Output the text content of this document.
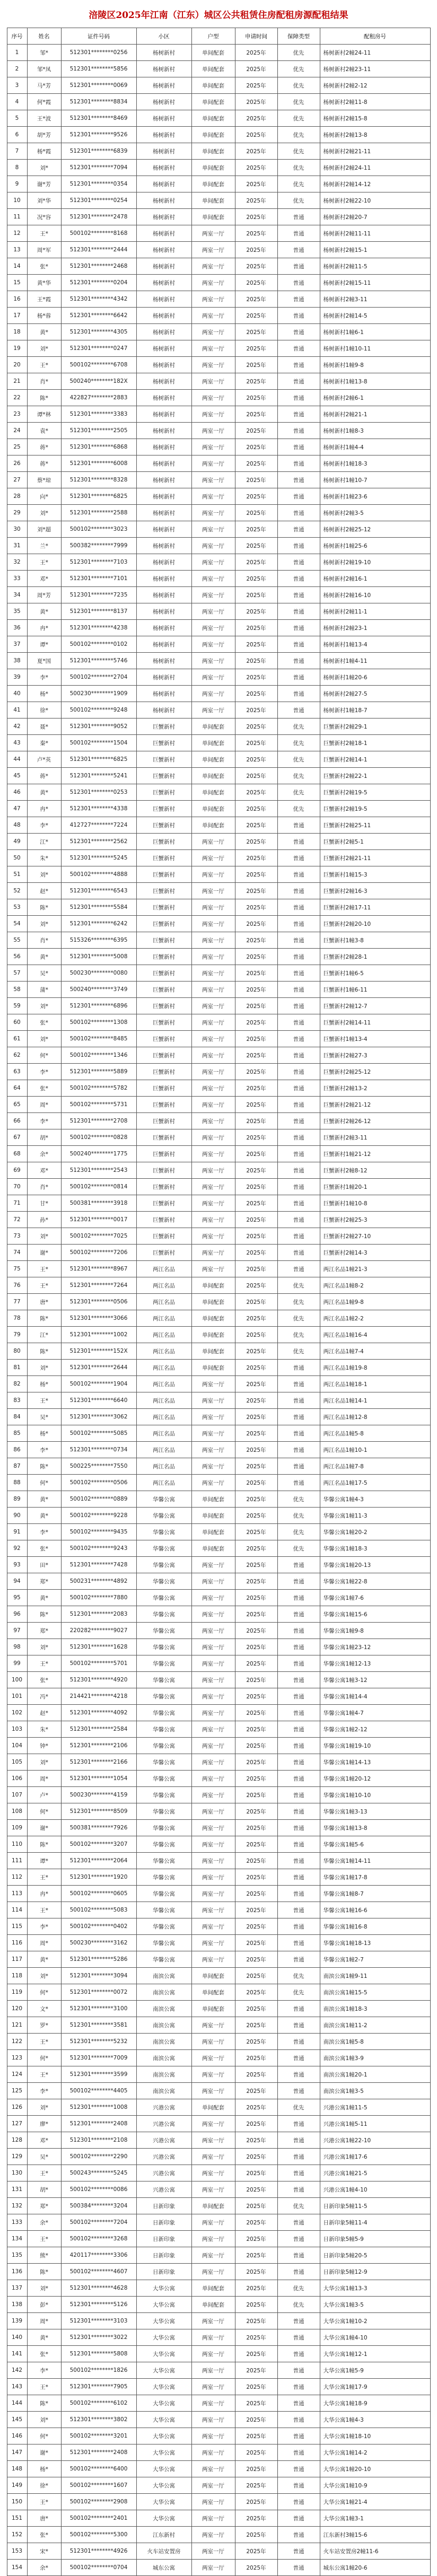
涪陵区2025年江南（江东）城区公共租赁住房配租房源配租结果
序号	姓名	证件号码	小区	户型	申请时间	保障类型	配租房号
1	邹*	512301********0256	杨树新村	单间配套	2025年	优先	杨树新村2幢24-11
2	邹*凤	512301********5856	杨树新村	单间配套	2025年	优先	杨树新村2幢23-11
3	马*芳	512301********0069	杨树新村	单间配套	2025年	优先	杨树新村2幢2-12
4	何*霞	512301********8834	杨树新村	单间配套	2025年	优先	杨树新村2幢11-8
5	王*波	512301********8469	杨树新村	单间配套	2025年	优先	杨树新村2幢15-8
6	胡*芳	512301********9526	杨树新村	单间配套	2025年	优先	杨树新村2幢13-8
7	杨*霞	512301********6839	杨树新村	单间配套	2025年	优先	杨树新村2幢21-11
8	刘*	512301********7094	杨树新村	单间配套	2025年	优先	杨树新村2幢24-11
9	谢*芳	512301********0354	杨树新村	单间配套	2025年	优先	杨树新村2幢14-12
10	刘*华	512301********0254	杨树新村	单间配套	2025年	优先	杨树新村2幢22-10
11	况*容	512301********2478	杨树新村	单间配套	2025年	普通	杨树新村2幢20-7
12	王*	500102********8168	杨树新村	两室一厅	2025年	普通	杨树新村2幢11-11
13	周*军	512301********2444	杨树新村	两室一厅	2025年	普通	杨树新村2幢15-1
14	张*	512301********2468	杨树新村	两室一厅	2025年	普通	杨树新村2幢11-5
15	黄*华	512301********0204	杨树新村	两室一厅	2025年	普通	杨树新村2幢15-11
16	王*霞	512301********4342	杨树新村	两室一厅	2025年	普通	杨树新村2幢3-11
17	杨*蓉	512301********6642	杨树新村	两室一厅	2025年	普通	杨树新村2幢14-5
18	黄*	512301********4305	杨树新村	两室一厅	2025年	普通	杨树新村1幢6-1
19	刘*	512301********0247	杨树新村	两室一厅	2025年	普通	杨树新村1幢10-11
20	王*	500102********6708	杨树新村	两室一厅	2025年	普通	杨树新村1幢9-8
21	肖*	500240********182X	杨树新村	两室一厅	2025年	普通	杨树新村1幢13-8
22	陈*	422827********2883	杨树新村	两室一厅	2025年	普通	杨树新村2幢6-1
23	谭*林	512301********3383	杨树新村	两室一厅	2025年	普通	杨树新村2幢21-1
24	袁*	512301********2505	杨树新村	两室一厅	2025年	普通	杨树新村1幢8-3
25	蒋*	512301********6868	杨树新村	两室一厅	2025年	普通	杨树新村1幢4-4
26	蒋*	512301********6008	杨树新村	两室一厅	2025年	普通	杨树新村1幢18-3
27	蔡*琼	512301********8328	杨树新村	两室一厅	2025年	普通	杨树新村1幢10-7
28	向*	512301********6825	杨树新村	两室一厅	2025年	普通	杨树新村1幢23-6
29	刘*	512301********2588	杨树新村	两室一厅	2025年	普通	杨树新村2幢3-5
30	刘*超	500102********3023	杨树新村	两室一厅	2025年	普通	杨树新村2幢25-12
31	兰*	500382********7999	杨树新村	两室一厅	2025年	普通	杨树新村1幢25-6
32	王*	512301********7103	杨树新村	两室一厅	2025年	普通	杨树新村2幢19-10
33	邓*	512301********7101	杨树新村	两室一厅	2025年	普通	杨树新村2幢16-1
34	周*芳	512301********7235	杨树新村	两室一厅	2025年	普通	杨树新村2幢16-10
35	黄*	512301********8137	杨树新村	两室一厅	2025年	普通	杨树新村2幢11-1
36	冉*	512301********4238	杨树新村	两室一厅	2025年	普通	杨树新村2幢23-1
37	谭*	500102********0102	杨树新村	两室一厅	2025年	普通	杨树新村1幢13-4
38	夏*国	512301********5746	杨树新村	两室一厅	2025年	普通	杨树新村1幢4-11
39	李*	500102********2704	杨树新村	两室一厅	2025年	普通	杨树新村1幢20-6
40	杨*	500230********1909	杨树新村	两室一厅	2025年	普通	杨树新村2幢27-5
41	徐*	500102********9248	杨树新村	两室一厅	2025年	普通	杨树新村1幢18-7
42	聂*	512301********9052	巨蟹新村	单间配套	2025年	优先	巨蟹新村2幢29-1
43	秦*	500102********1504	巨蟹新村	单间配套	2025年	优先	巨蟹新村2幢18-1
44	卢*英	512301********6825	巨蟹新村	单间配套	2025年	优先	巨蟹新村2幢14-1
45	蒋*	512301********5241	巨蟹新村	单间配套	2025年	优先	巨蟹新村2幢22-1
46	黄*	512301********0253	巨蟹新村	单间配套	2025年	优先	巨蟹新村2幢19-5
47	冉*	512301********4338	巨蟹新村	单间配套	2025年	优先	巨蟹新村2幢19-5
48	李*	412727********7224	巨蟹新村	单间配套	2025年	普通	巨蟹新村2幢25-11
49	江*	512301********2562	巨蟹新村	两室一厅	2025年	普通	巨蟹新村2幢5-1
50	朱*	512301********5245	巨蟹新村	两室一厅	2025年	普通	巨蟹新村2幢21-11
51	刘*	500102********4888	巨蟹新村	两室一厅	2025年	普通	巨蟹新村1幢15-3
52	赵*	512301********6543	巨蟹新村	两室一厅	2025年	普通	巨蟹新村2幢16-3
53	陈*	512301********5584	巨蟹新村	两室一厅	2025年	普通	巨蟹新村2幢17-11
54	刘*	512301********6242	巨蟹新村	两室一厅	2025年	普通	巨蟹新村2幢20-10
55	肖*	515326********6395	巨蟹新村	两室一厅	2025年	普通	巨蟹新村1幢3-8
56	黄*	512301********5008	巨蟹新村	两室一厅	2025年	普通	巨蟹新村2幢28-1
57	吴*	500230********0080	巨蟹新村	两室一厅	2025年	普通	巨蟹新村1幢6-5
58	蒲*	500240********3749	巨蟹新村	两室一厅	2025年	普通	巨蟹新村1幢6-11
59	刘*	512301********6896	巨蟹新村	两室一厅	2025年	普通	巨蟹新村2幢12-7
60	张*	500102********1308	巨蟹新村	两室一厅	2025年	普通	巨蟹新村2幢14-11
61	刘*	500102********8485	巨蟹新村	两室一厅	2025年	普通	巨蟹新村1幢13-4
62	何*	500102********1346	巨蟹新村	两室一厅	2025年	普通	巨蟹新村2幢27-3
63	李*	512301********5889	巨蟹新村	两室一厅	2025年	普通	巨蟹新村2幢25-12
64	张*	500102********5782	巨蟹新村	两室一厅	2025年	普通	巨蟹新村2幢13-2
65	周*	500102********5731	巨蟹新村	两室一厅	2025年	普通	巨蟹新村2幢21-12
66	李*	512301********2708	巨蟹新村	两室一厅	2025年	普通	巨蟹新村2幢26-12
67	胡*	500102********0828	巨蟹新村	两室一厅	2025年	普通	巨蟹新村2幢3-11
68	余*	500240********1775	巨蟹新村	两室一厅	2025年	普通	巨蟹新村1幢21-12
69	邓*	512301********2543	巨蟹新村	两室一厅	2025年	普通	巨蟹新村2幢8-12
70	肖*	500102********0814	巨蟹新村	两室一厅	2025年	普通	巨蟹新村1幢20-1
71	甘*	500381********3918	巨蟹新村	两室一厅	2025年	普通	巨蟹新村1幢10-8
72	孙*	512301********0017	巨蟹新村	两室一厅	2025年	普通	巨蟹新村2幢25-3
73	刘*	500102********7025	巨蟹新村	两室一厅	2025年	普通	巨蟹新村2幢27-10
74	谢*	500102********7206	巨蟹新村	两室一厅	2025年	普通	巨蟹新村2幢14-3
75	王*	512301********8967	两江名品	两室一厅	2025年	普通	两江名品1幢21-3
76	王*	512301********7264	两江名品	单间配套	2025年	优先	两江名品1幢8-2
77	唐*	512301********0506	两江名品	单间配套	2025年	优先	两江名品1幢9-8
78	陈*	512301********3066	两江名品	单间配套	2025年	优先	两江名品1幢2-2
79	江*	512301********1002	两江名品	单间配套	2025年	优先	两江名品1幢16-4
80	陈*	512301********152X	两江名品	单间配套	2025年	优先	两江名品1幢7-4
81	刘*	512301********2644	两江名品	单间配套	2025年	普通	两江名品1幢19-8
82	杨*	500102********1904	两江名品	两室一厅	2025年	普通	两江名品1幢18-1
83	王*	512301********6640	两江名品	两室一厅	2025年	普通	两江名品1幢14-1
84	吴*	512301********3062	两江名品	两室一厅	2025年	普通	两江名品1幢12-8
85	杨*	500102********5085	两江名品	两室一厅	2025年	普通	两江名品1幢5-8
86	李*	512301********0734	两江名品	两室一厅	2025年	普通	两江名品1幢10-1
87	陈*	500225********7550	两江名品	两室一厅	2025年	普通	两江名品1幢7-8
88	何*	500102********0506	两江名品	两室一厅	2025年	普通	两江名品1幢17-5
89	黄*	500102********0889	华馨公寓	单间配套	2025年	优先	华馨公寓1幢4-3
90	黄*	500102********9228	华馨公寓	单间配套	2025年	优先	华馨公寓1幢11-3
91	李*	500102********9435	华馨公寓	单间配套	2025年	优先	华馨公寓1幢20-2
92	张*	500102********9243	华馨公寓	单间配套	2025年	优先	华馨公寓1幢18-3
93	田*	512301********7428	华馨公寓	两室一厅	2025年	普通	华馨公寓1幢20-13
94	郑*	500231********4892	华馨公寓	两室一厅	2025年	普通	华馨公寓1幢22-8
95	黄*	500102********7880	华馨公寓	两室一厅	2025年	普通	华馨公寓1幢7-6
96	陈*	512301********2083	华馨公寓	两室一厅	2025年	普通	华馨公寓1幢15-6
97	郑*	220282********9027	华馨公寓	两室一厅	2025年	普通	华馨公寓1幢9-8
98	刘*	512301********1628	华馨公寓	两室一厅	2025年	普通	华馨公寓1幢23-12
99	王*	500102********5701	华馨公寓	两室一厅	2025年	普通	华馨公寓1幢12-13
100	张*	512301********4920	华馨公寓	两室一厅	2025年	普通	华馨公寓1幢3-12
101	冯*	214421********4218	华馨公寓	两室一厅	2025年	普通	华馨公寓1幢14-4
102	赵*	512301********4092	华馨公寓	两室一厅	2025年	普通	华馨公寓1幢4-7
103	朱*	512301********2584	华馨公寓	两室一厅	2025年	普通	华馨公寓1幢2-12
104	钟*	512301********2106	华馨公寓	两室一厅	2025年	普通	华馨公寓1幢19-10
105	刘*	512301********2166	华馨公寓	两室一厅	2025年	普通	华馨公寓1幢14-13
106	周*	512301********1054	华馨公寓	两室一厅	2025年	普通	华馨公寓1幢20-12
107	卢*	500230********4159	华馨公寓	两室一厅	2025年	普通	华馨公寓1幢10-10
108	何*	512301********8509	华馨公寓	两室一厅	2025年	普通	华馨公寓1幢3-13
109	谢*	500381********7926	华馨公寓	两室一厅	2025年	普通	华馨公寓1幢13-8
110	陈*	500102********3207	华馨公寓	两室一厅	2025年	普通	华馨公寓1幢5-6
111	谭*	512301********2064	华馨公寓	两室一厅	2025年	普通	华馨公寓1幢14-11
112	王*	512301********1920	华馨公寓	两室一厅	2025年	普通	华馨公寓1幢17-8
113	冉*	500102********0605	华馨公寓	两室一厅	2025年	普通	华馨公寓1幢8-7
114	王*	500102********5083	华馨公寓	两室一厅	2025年	普通	华馨公寓1幢16-6
115	李*	500102********0402	华馨公寓	两室一厅	2025年	普通	华馨公寓1幢16-8
116	周*	500230********3162	华馨公寓	两室一厅	2025年	普通	华馨公寓1幢18-13
117	黄*	512301********5286	华馨公寓	两室一厅	2025年	普通	华馨公寓1幢2-7
118	刘*	512301********3094	南滨公寓	单间配套	2025年	优先	南滨公寓1幢9-11
119	何*	512301********0072	南滨公寓	单间配套	2025年	优先	南滨公寓1幢15-5
120	文*	512301********3100	南滨公寓	单间配套	2025年	普通	南滨公寓1幢18-3
121	罗*	512301********3581	南滨公寓	两室一厅	2025年	普通	南滨公寓1幢11-2
122	王*	512301********5232	南滨公寓	两室一厅	2025年	普通	南滨公寓1幢5-8
123	何*	512301********7009	南滨公寓	两室一厅	2025年	普通	南滨公寓1幢3-9
124	王*	512301********3599	南滨公寓	两室一厅	2025年	普通	南滨公寓1幢20-1
125	李*	500102********4405	南滨公寓	两室一厅	2025年	普通	南滨公寓1幢3-5
126	刘*	512301********1008	兴港公寓	单间配套	2025年	优先	兴港公寓1幢11-5
127	廖*	512301********2408	兴港公寓	两室一厅	2025年	普通	兴港公寓1幢5-11
128	邓*	512301********2108	兴港公寓	两室一厅	2025年	普通	兴港公寓1幢22-10
129	吴*	500102********2290	兴港公寓	两室一厅	2025年	普通	兴港公寓1幢17-6
130	王*	500243********5245	兴港公寓	两室一厅	2025年	普通	兴港公寓1幢21-5
131	胡*	500102********0086	兴港公寓	两室一厅	2025年	普通	兴港公寓1幢4-10
132	郑*	500384********3204	日新印象	单间配套	2025年	优先	日新印象5幢11-5
133	余*	500102********7204	日新印象	两室一厅	2025年	普通	日新印象5幢11-4
134	王*	500102********3268	日新印象	两室一厅	2025年	普通	日新印象5幢5-9
135	熊*	420117********3306	日新印象	两室一厅	2025年	普通	日新印象5幢20-5
136	陈*	500102********4607	日新印象	两室一厅	2025年	普通	日新印象5幢12-9
137	刘*	512301********4628	大华公寓	单间配套	2025年	优先	大华公寓1幢13-3
138	彭*	512301********5126	大华公寓	单间配套	2025年	优先	大华公寓1幢3-5
139	周*	512301********3103	大华公寓	两室一厅	2025年	普通	大华公寓1幢10-2
140	黄*	512301********3022	大华公寓	两室一厅	2025年	普通	大华公寓1幢4-10
141	张*	512301********5808	大华公寓	两室一厅	2025年	普通	大华公寓1幢12-1
142	李*	500102********1826	大华公寓	两室一厅	2025年	普通	大华公寓1幢5-9
143	王*	512301********7905	大华公寓	两室一厅	2025年	普通	大华公寓1幢17-9
144	陈*	500102********6102	大华公寓	两室一厅	2025年	普通	大华公寓1幢18-9
145	刘*	512301********3802	大华公寓	两室一厅	2025年	普通	大华公寓1幢4-3
146	何*	500102********3201	大华公寓	两室一厅	2025年	普通	大华公寓1幢18-10
147	谢*	512301********2408	大华公寓	两室一厅	2025年	普通	大华公寓1幢14-2
148	杨*	500102********6400	大华公寓	两室一厅	2025年	普通	大华公寓1幢20-10
149	徐*	500102********1607	大华公寓	两室一厅	2025年	普通	大华公寓1幢10-9
150	王*	500102********2908	大华公寓	两室一厅	2025年	普通	大华公寓1幢21-4
151	唐*	500102********2401	大华公寓	两室一厅	2025年	普通	大华公寓1幢3-1
152	张*	500102********5300	江东新村	两室一厅	2025年	普通	江东新村3幢15-6
153	宋*	512301********4926	火车站安置房	两室一厅	2025年	普通	火车站安置房2幢11-6
154	余*	500102********0704	城东公寓	两室一厅	2025年	普通	城东公寓1幢20-6
